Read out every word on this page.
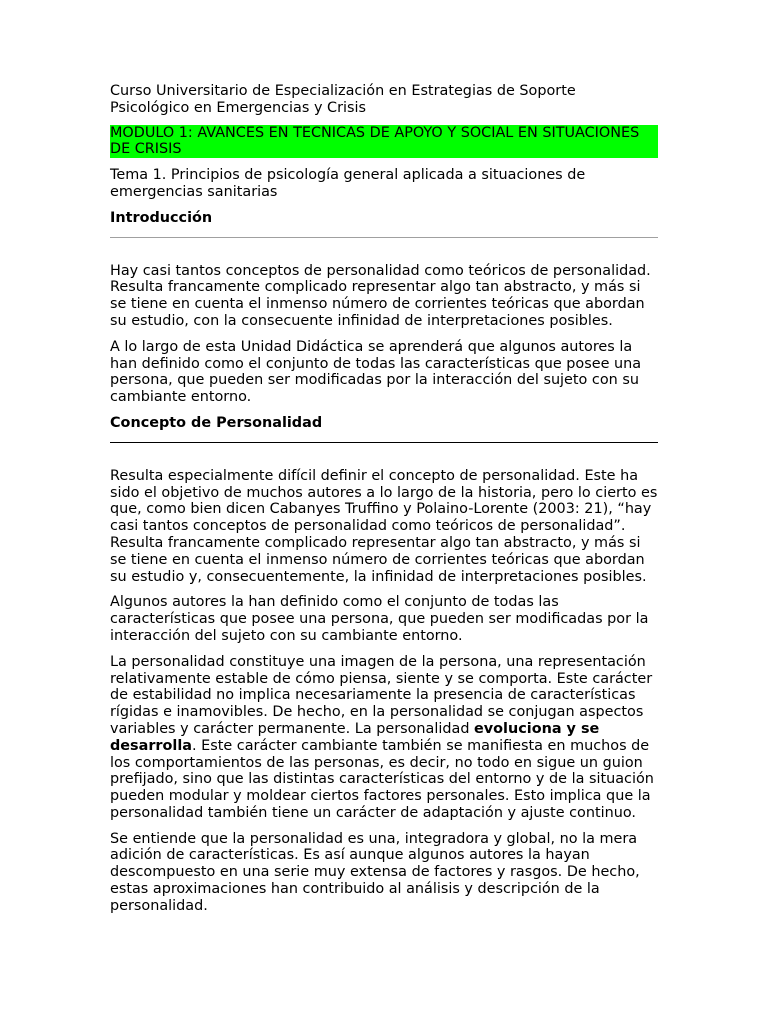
Curso Universitario de Especialización en Estrategias de Soporte Psicológico en Emergencias y Crisis

MODULO 1: AVANCES EN TECNICAS DE APOYO Y SOCIAL EN SITUACIONES DE CRISIS

Tema 1. Principios de psicología general aplicada a situaciones de emergencias sanitarias

Introducción

Hay casi tantos conceptos de personalidad como teóricos de personalidad. Resulta francamente complicado representar algo tan abstracto, y más si se tiene en cuenta el inmenso número de corrientes teóricas que abordan su estudio, con la consecuente infinidad de interpretaciones posibles.

A lo largo de esta Unidad Didáctica se aprenderá que algunos autores la han definido como el conjunto de todas las características que posee una persona, que pueden ser modificadas por la interacción del sujeto con su cambiante entorno.

Concepto de Personalidad

Resulta especialmente difícil definir el concepto de personalidad. Este ha sido el objetivo de muchos autores a lo largo de la historia, pero lo cierto es que, como bien dicen Cabanyes Truffino y Polaino-Lorente (2003: 21), “hay casi tantos conceptos de personalidad como teóricos de personalidad”. Resulta francamente complicado representar algo tan abstracto, y más si se tiene en cuenta el inmenso número de corrientes teóricas que abordan su estudio y, consecuentemente, la infinidad de interpretaciones posibles.

Algunos autores la han definido como el conjunto de todas las características que posee una persona, que pueden ser modificadas por la interacción del sujeto con su cambiante entorno.

La personalidad constituye una imagen de la persona, una representación relativamente estable de cómo piensa, siente y se comporta. Este carácter de estabilidad no implica necesariamente la presencia de características rígidas e inamovibles. De hecho, en la personalidad se conjugan aspectos variables y carácter permanente. La personalidad evoluciona y se desarrolla. Este carácter cambiante también se manifiesta en muchos de los comportamientos de las personas, es decir, no todo en sigue un guion prefijado, sino que las distintas características del entorno y de la situación pueden modular y moldear ciertos factores personales. Esto implica que la personalidad también tiene un carácter de adaptación y ajuste continuo.

Se entiende que la personalidad es una, integradora y global, no la mera adición de características. Es así aunque algunos autores la hayan descompuesto en una serie muy extensa de factores y rasgos. De hecho, estas aproximaciones han contribuido al análisis y descripción de la personalidad.
